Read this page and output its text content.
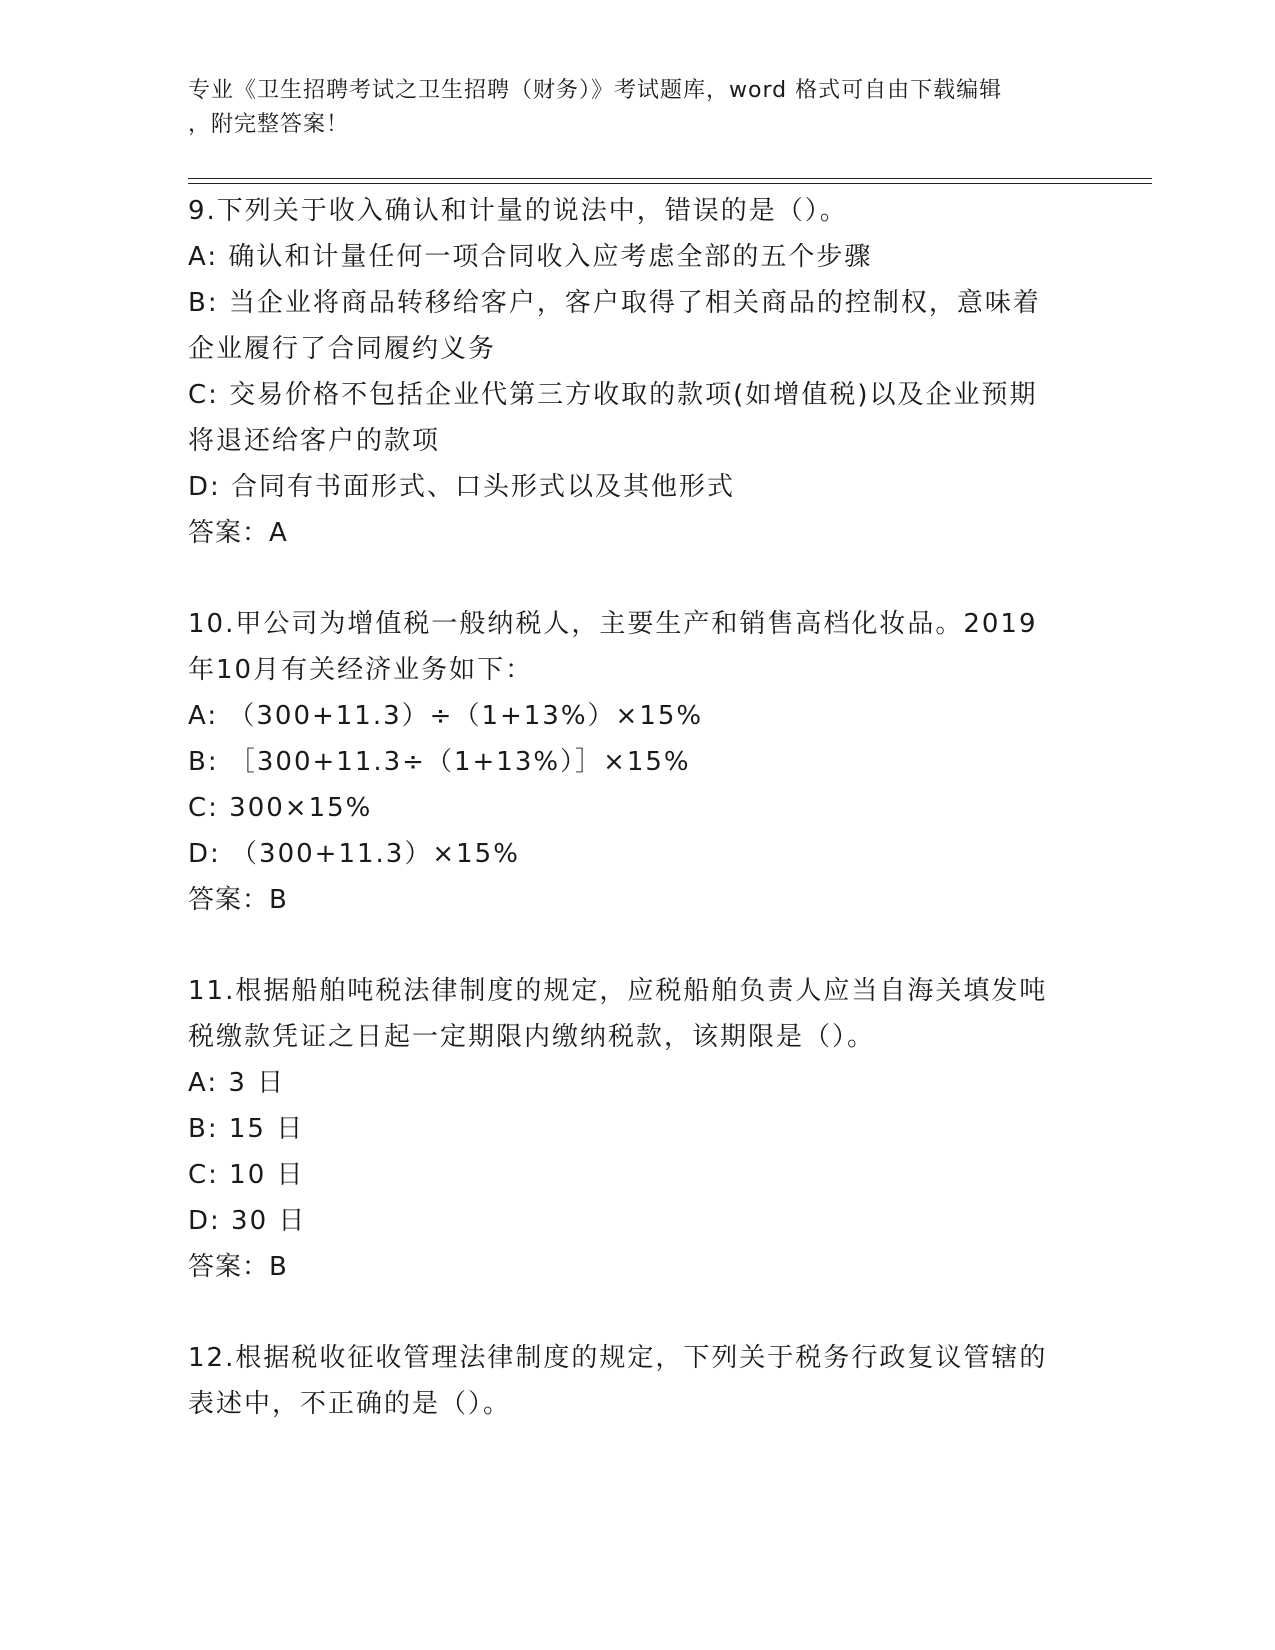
专业《卫生招聘考试之卫生招聘（财务）》考试题库，word 格式可自由下载编辑
，附完整答案！

9.下列关于收入确认和计量的说法中，错误的是（）。

A: 确认和计量任何一项合同收入应考虑全部的五个步骤

B: 当企业将商品转移给客户，客户取得了相关商品的控制权，意味着

企业履行了合同履约义务

C: 交易价格不包括企业代第三方收取的款项(如增值税)以及企业预期

将退还给客户的款项

D: 合同有书面形式、口头形式以及其他形式

答案：A

10.甲公司为增值税一般纳税人，主要生产和销售高档化妆品。2019

年10月有关经济业务如下：

A: （300+11.3）÷（1+13%）×15%

B: ［300+11.3÷（1+13%）］×15%

C: 300×15%

D: （300+11.3）×15%

答案：B

11.根据船舶吨税法律制度的规定，应税船舶负责人应当自海关填发吨

税缴款凭证之日起一定期限内缴纳税款，该期限是（）。

A: 3 日

B: 15 日

C: 10 日

D: 30 日

答案：B

12.根据税收征收管理法律制度的规定，下列关于税务行政复议管辖的

表述中，不正确的是（）。
